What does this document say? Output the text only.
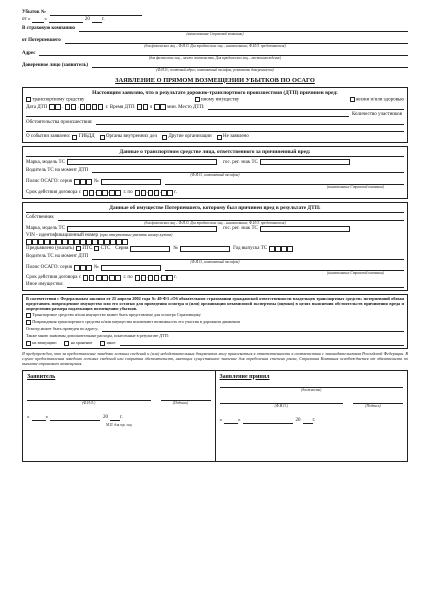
Убыток №
от «	»	20 г.
В страховую компанию
(наименование Страховой компании)
от Потерпевшего
(для физических лиц – Ф.И.О. Для юридических лиц – наименование, Ф.И.О. представителя)
Адрес
(для физических лиц – место жительства. Для юридических лиц – местонахождение)
Доверенное лицо (заявитель)
(Ф.И.О.; почтовый адрес; контактный телефон; реквизиты доверенности)
ЗАЯВЛЕНИЕ О ПРЯМОМ ВОЗМЕЩЕНИИ УБЫТКОВ ПО ОСАГО
Настоящим заявляю, что в результате дорожно-транспортного происшествия (ДТП) причинен вред:
транспортному средству	иному имуществу	жизни и/или здоровью
Дата ДТП	.	.	г. Время ДТП	ч	мин. Место ДТП:
Количество участников
Обстоятельства происшествия:
О событии заявлено:
ГИБДД
Органы внутренних дел
Другие организации
Не заявлено
Данные о транспортном средстве лица, ответственного за причиненный вред:
Марка, модель ТС	гос. рег. знак ТС
Водитель ТС на момент ДТП
(Ф.И.О., контактный телефон)
Полис ОСАГО: серия	№
(наименование Страховой компании)
Срок действия договора с	г. по	г.
Данные об имуществе Потерпевшего, которому был причинен вред в результате ДТП:
Собственник
(для физических лиц – Ф.И.О. Для юридических лиц – наименование, Ф.И.О. представителя)
Марка, модель ТС	гос. рег. знак ТС
VIN - идентификационный номер (при отсутствии указать номер кузова)
Предъявлено (указать)
ПТС
СТС Серия	№	Год выпуска ТС
Водитель ТС на момент ДТП
(Ф.И.О., контактный телефон)
Полис ОСАГО: серия	№
(наименование Страховой компании)
Срок действия договора с	г. по	г.
Иное имущество:
В соответствии с Федеральным законом от 25 апреля 2002 года № 40-ФЗ «Об обязательном страховании гражданской ответственности владельцев транспортных средств» потерпевший обязан представить поврежденное имущество или его остатки для проведения осмотра и (или) организации независимой экспертизы (оценки) в целях выяснения обстоятельств причинения вреда и определения размера подлежащих возмещению убытков.

Транспортное средство и/или имущество может быть представлено для осмотра Страховщику

Повреждения транспортного средства и/или имущества исключают возможность его участия в дорожном движении
Осмотр может быть проведен по адресу:
Также мною заявлены дополнительные расходы, понесенные в результате ДТП:

на эвакуацию
	на хранение
	иное:
Я предупрежден, что за предоставление заведомо ложных сведений и (или) недействительных документов могу привлекаться к ответственности в соответствии с законодательством Российской Федерации. В случае предоставления заведомо ложных сведений или сокрытия обстоятельств, имеющих существенное значение для определения степени риска, Страховая Компания освобождается от обязательств по выплате страхового возмещения.
Заявитель
(Ф.И.О.)	(Подпись)
«	»	20 г.
М.П. для юр. лиц
Заявление принял
(должность)
(Ф.И.О.)	(Подпись)
«	»	20 г.
